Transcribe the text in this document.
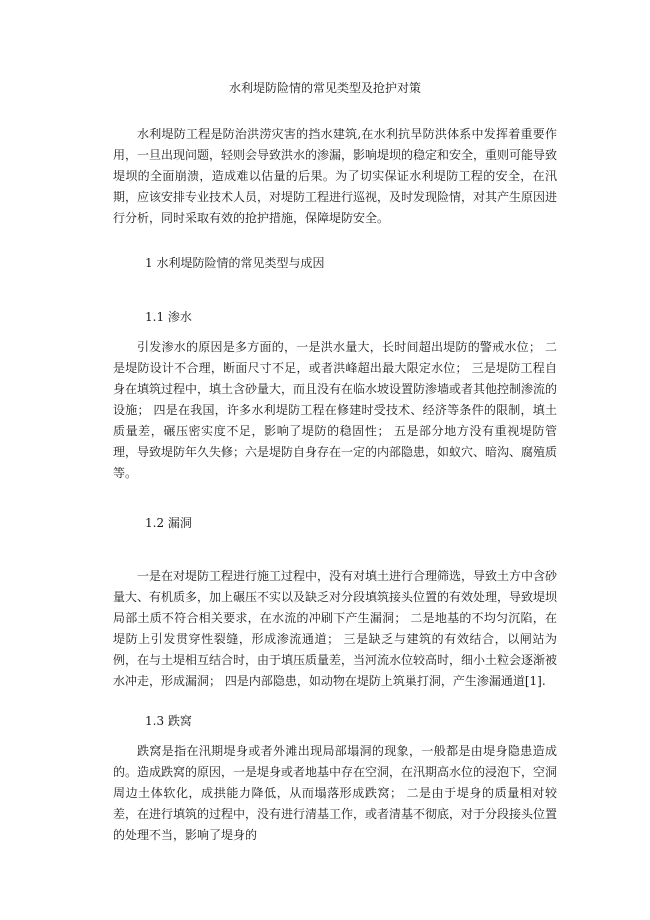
水利堤防险情的常见类型及抢护对策

水利堤防工程是防治洪涝灾害的挡水建筑,在水利抗旱防洪体系中发挥着重要作用，一旦出现问题，轻则会导致洪水的渗漏，影响堤坝的稳定和安全，重则可能导致堤坝的全面崩溃，造成难以估量的后果。为了切实保证水利堤防工程的安全，在汛期，应该安排专业技术人员，对堤防工程进行巡视，及时发现险情，对其产生原因进行分析，同时采取有效的抢护措施，保障堤防安全。

1 水利堤防险情的常见类型与成因

1.1 渗水

引发渗水的原因是多方面的，一是洪水量大，长时间超出堤防的警戒水位； 二是堤防设计不合理，断面尺寸不足，或者洪峰超出最大限定水位； 三是堤防工程自身在填筑过程中，填土含砂量大，而且没有在临水坡设置防渗墙或者其他控制渗流的设施； 四是在我国，许多水利堤防工程在修建时受技术、经济等条件的限制，填土质量差，碾压密实度不足，影响了堤防的稳固性； 五是部分地方没有重视堤防管理，导致堤防年久失修；六是堤防自身存在一定的内部隐患，如蚁穴、暗沟、腐殖质等。

1.2 漏洞

一是在对堤防工程进行施工过程中，没有对填土进行合理筛选，导致土方中含砂量大、有机质多，加上碾压不实以及缺乏对分段填筑接头位置的有效处理，导致堤坝局部土质不符合相关要求，在水流的冲刷下产生漏洞； 二是地基的不均匀沉陷，在堤防上引发贯穿性裂缝，形成渗流通道； 三是缺乏与建筑的有效结合，以闸站为例，在与土堤相互结合时，由于填压质量差，当河流水位较高时，细小土粒会逐渐被水冲走，形成漏洞； 四是内部隐患，如动物在堤防上筑巢打洞，产生渗漏通道[1].

1.3 跌窝

跌窝是指在汛期堤身或者外滩出现局部塌洞的现象，一般都是由堤身隐患造成的。造成跌窝的原因，一是堤身或者地基中存在空洞，在汛期高水位的浸泡下，空洞周边土体软化，成拱能力降低，从而塌落形成跌窝； 二是由于堤身的质量相对较差，在进行填筑的过程中，没有进行清基工作，或者清基不彻底，对于分段接头位置的处理不当，影响了堤身的
